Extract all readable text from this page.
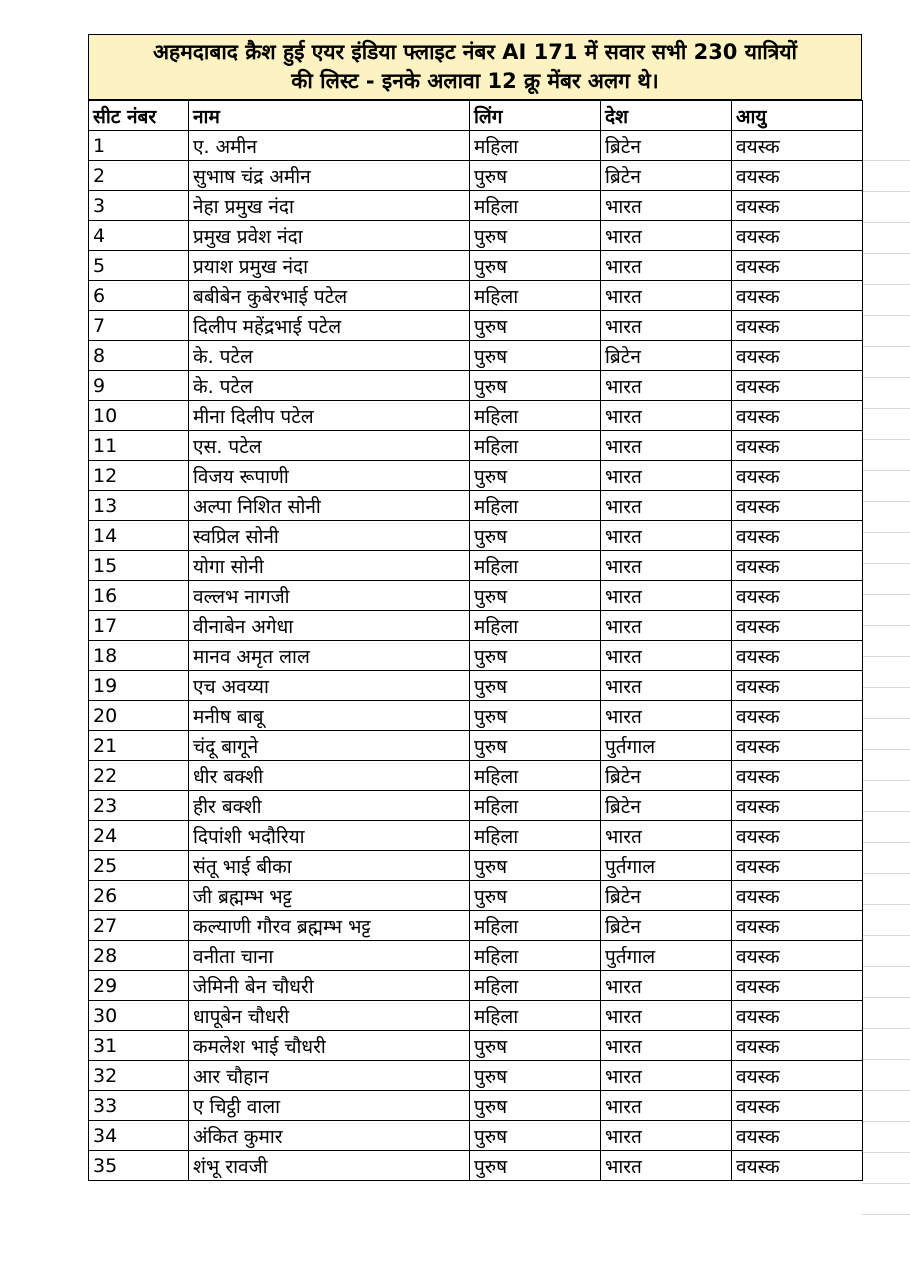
अहमदाबाद क्रैश हुई एयर इंडिया फ्लाइट नंबर AI 171 में सवार सभी 230 यात्रियों
की लिस्ट - इनके अलावा 12 क्रू मेंबर अलग थे।
सीट नंबर	नाम	लिंग	देश	आयु
1	ए. अमीन	महिला	ब्रिटेन	वयस्क
2	सुभाष चंद्र अमीन	पुरुष	ब्रिटेन	वयस्क
3	नेहा प्रमुख नंदा	महिला	भारत	वयस्क
4	प्रमुख प्रवेश नंदा	पुरुष	भारत	वयस्क
5	प्रयाश प्रमुख नंदा	पुरुष	भारत	वयस्क
6	बबीबेन कुबेरभाई पटेल	महिला	भारत	वयस्क
7	दिलीप महेंद्रभाई पटेल	पुरुष	भारत	वयस्क
8	के. पटेल	पुरुष	ब्रिटेन	वयस्क
9	के. पटेल	पुरुष	भारत	वयस्क
10	मीना दिलीप पटेल	महिला	भारत	वयस्क
11	एस. पटेल	महिला	भारत	वयस्क
12	विजय रूपाणी	पुरुष	भारत	वयस्क
13	अल्पा निशित सोनी	महिला	भारत	वयस्क
14	स्वप्रिल सोनी	पुरुष	भारत	वयस्क
15	योगा सोनी	महिला	भारत	वयस्क
16	वल्लभ नागजी	पुरुष	भारत	वयस्क
17	वीनाबेन अगेधा	महिला	भारत	वयस्क
18	मानव अमृत लाल	पुरुष	भारत	वयस्क
19	एच अवय्या	पुरुष	भारत	वयस्क
20	मनीष बाबू	पुरुष	भारत	वयस्क
21	चंदू बागूने	पुरुष	पुर्तगाल	वयस्क
22	धीर बक्शी	महिला	ब्रिटेन	वयस्क
23	हीर बक्शी	महिला	ब्रिटेन	वयस्क
24	दिपांशी भदौरिया	महिला	भारत	वयस्क
25	संतू भाई बीका	पुरुष	पुर्तगाल	वयस्क
26	जी ब्रह्मम्भ भट्ट	पुरुष	ब्रिटेन	वयस्क
27	कल्याणी गौरव ब्रह्मम्भ भट्ट	महिला	ब्रिटेन	वयस्क
28	वनीता चाना	महिला	पुर्तगाल	वयस्क
29	जेमिनी बेन चौधरी	महिला	भारत	वयस्क
30	धापूबेन चौधरी	महिला	भारत	वयस्क
31	कमलेश भाई चौधरी	पुरुष	भारत	वयस्क
32	आर चौहान	पुरुष	भारत	वयस्क
33	ए चिट्ठी वाला	पुरुष	भारत	वयस्क
34	अंकित कुमार	पुरुष	भारत	वयस्क
35	शंभू रावजी	पुरुष	भारत	वयस्क
